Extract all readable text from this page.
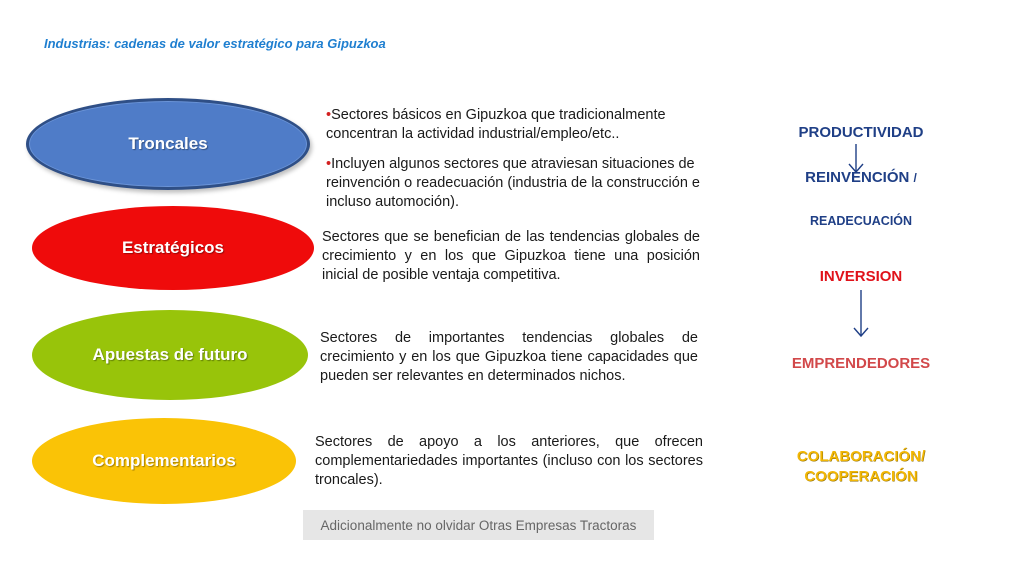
Industrias: cadenas de valor estratégico para Gipuzkoa
Troncales
Estratégicos
Apuestas de futuro
Complementarios

•Sectores básicos en Gipuzkoa que tradicionalmente concentran la actividad industrial/empleo/etc..

•Incluyen algunos sectores que atraviesan situaciones de reinvención o readecuación (industria de la construcción e incluso automoción).

Sectores que se benefician de las tendencias globales de crecimiento y en los que Gipuzkoa tiene una posición inicial de posible ventaja competitiva.
Sectores de importantes tendencias globales de crecimiento y en los que Gipuzkoa tiene capacidades que pueden ser relevantes en determinados nichos.
Sectores de apoyo a los anteriores, que ofrecen complementariedades importantes (incluso con los sectores troncales).
Adicionalmente no olvidar Otras Empresas Tractoras
PRODUCTIVIDAD
REINVENCIÓN /
READECUACIÓN
INVERSION
EMPRENDEDORES
COLABORACIÓN/
COOPERACIÓN
